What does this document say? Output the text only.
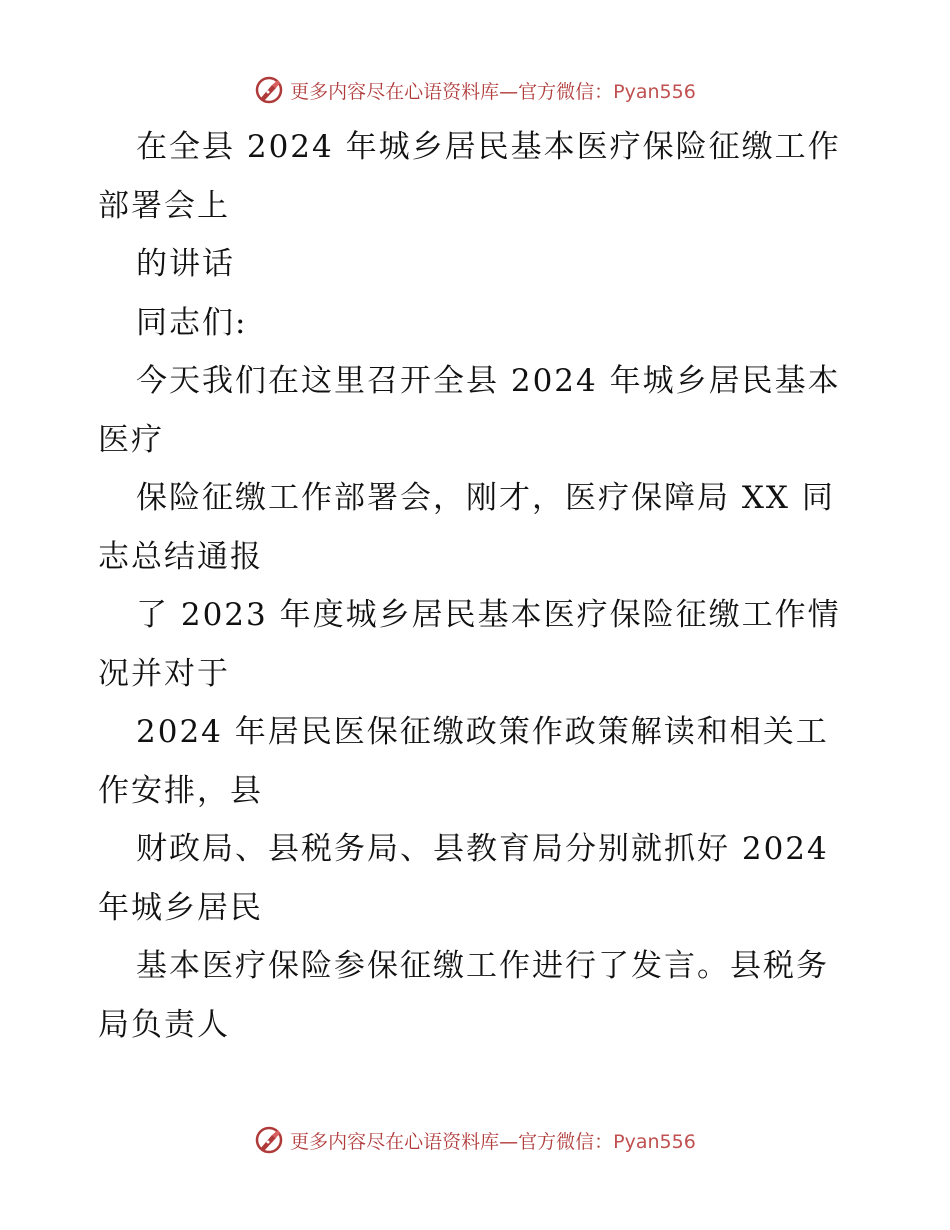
更多内容尽在心语资料库—官方微信：Pyan556
在全县 2024 年城乡居民基本医疗保险征缴工作
部署会上
的讲话
同志们:
今天我们在这里召开全县 2024 年城乡居民基本
医疗
保险征缴工作部署会，刚才，医疗保障局 XX 同
志总结通报
了 2023 年度城乡居民基本医疗保险征缴工作情
况并对于
2024 年居民医保征缴政策作政策解读和相关工
作安排，县
财政局、县税务局、县教育局分别就抓好 2024
年城乡居民
基本医疗保险参保征缴工作进行了发言。县税务
局负责人
更多内容尽在心语资料库—官方微信：Pyan556
